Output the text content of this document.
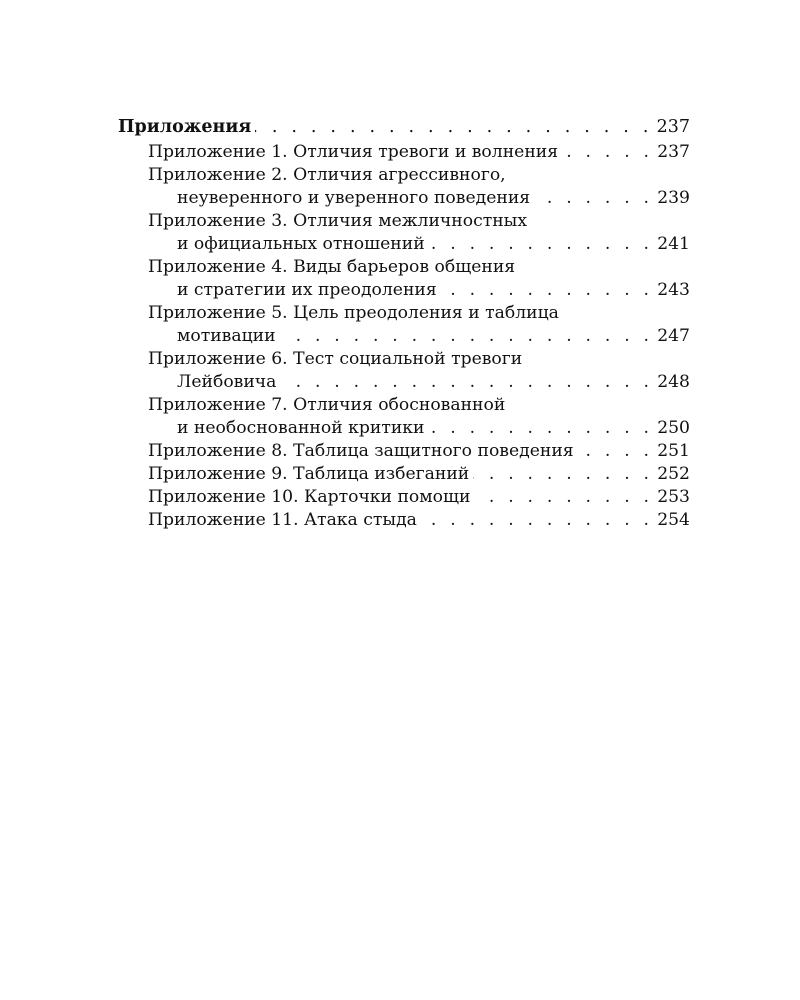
Приложения . . .	237
Приложение 1. Отличия тревоги и волнения . . .	237
Приложение 2. Отличия агрессивного,
неуверенного и уверенного поведения . . .	239
Приложение 3. Отличия межличностных
и официальных отношений . . .	241
Приложение 4. Виды барьеров общения
и стратегии их преодоления . . .	243
Приложение 5. Цель преодоления и таблица
мотивации . . .	247
Приложение 6. Тест социальной тревоги
Лейбовича . . .	248
Приложение 7. Отличия обоснованной
и необоснованной критики . . .	250
Приложение 8. Таблица защитного поведения . . .	251
Приложение 9. Таблица избеганий . . .	252
Приложение 10. Карточки помощи . . .	253
Приложение 11. Атака стыда . . .	254
